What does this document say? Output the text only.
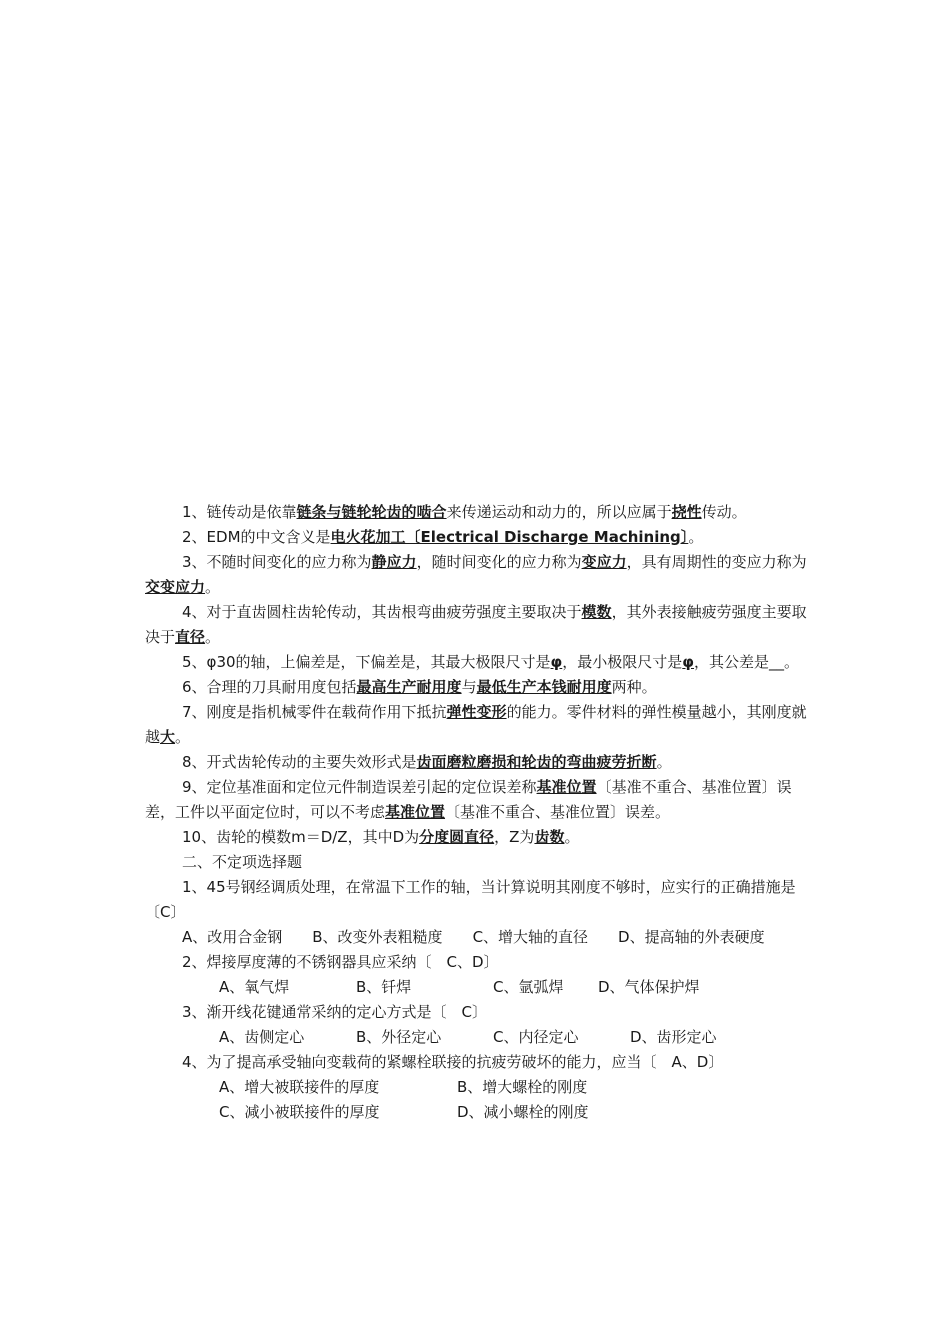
1、链传动是依靠链条与链轮轮齿的啮合来传递运动和动力的，所以应属于挠性传动。

2、EDM的中文含义是电火花加工〔Electrical Discharge Machining〕。

3、不随时间变化的应力称为静应力，随时间变化的应力称为变应力，具有周期性的变应力称为交变应力。

4、对于直齿圆柱齿轮传动，其齿根弯曲疲劳强度主要取决于模数，其外表接触疲劳强度主要取决于直径。

5、φ30的轴，上偏差是，下偏差是，其最大极限尺寸是φ，最小极限尺寸是φ，其公差是__。

6、合理的刀具耐用度包括最高生产耐用度与最低生产本钱耐用度两种。

7、刚度是指机械零件在载荷作用下抵抗弹性变形的能力。零件材料的弹性模量越小，其刚度就越大。

8、开式齿轮传动的主要失效形式是齿面磨粒磨损和轮齿的弯曲疲劳折断。

9、定位基准面和定位元件制造误差引起的定位误差称基准位置〔基准不重合、基准位置〕误差，工件以平面定位时，可以不考虑基准位置〔基准不重合、基准位置〕误差。

10、齿轮的模数m＝D/Z，其中D为分度圆直径，Z为齿数。

二、不定项选择题

1、45号钢经调质处理，在常温下工作的轴，当计算说明其刚度不够时，应实行的正确措施是〔C〕

A、改用合金钢 B、改变外表粗糙度 C、增大轴的直径 D、提高轴的外表硬度

2、焊接厚度薄的不锈钢器具应采纳〔　C、D〕

A、氧气焊	B、钎焊	C、氩弧焊 D、气体保护焊

3、渐开线花键通常采纳的定心方式是〔　C〕

A、齿侧定心	B、外径定心	C、内径定心	D、齿形定心

4、为了提高承受轴向变载荷的紧螺栓联接的抗疲劳破坏的能力，应当〔　A、D〕

A、增大被联接件的厚度	B、增大螺栓的刚度

C、减小被联接件的厚度	D、减小螺栓的刚度
